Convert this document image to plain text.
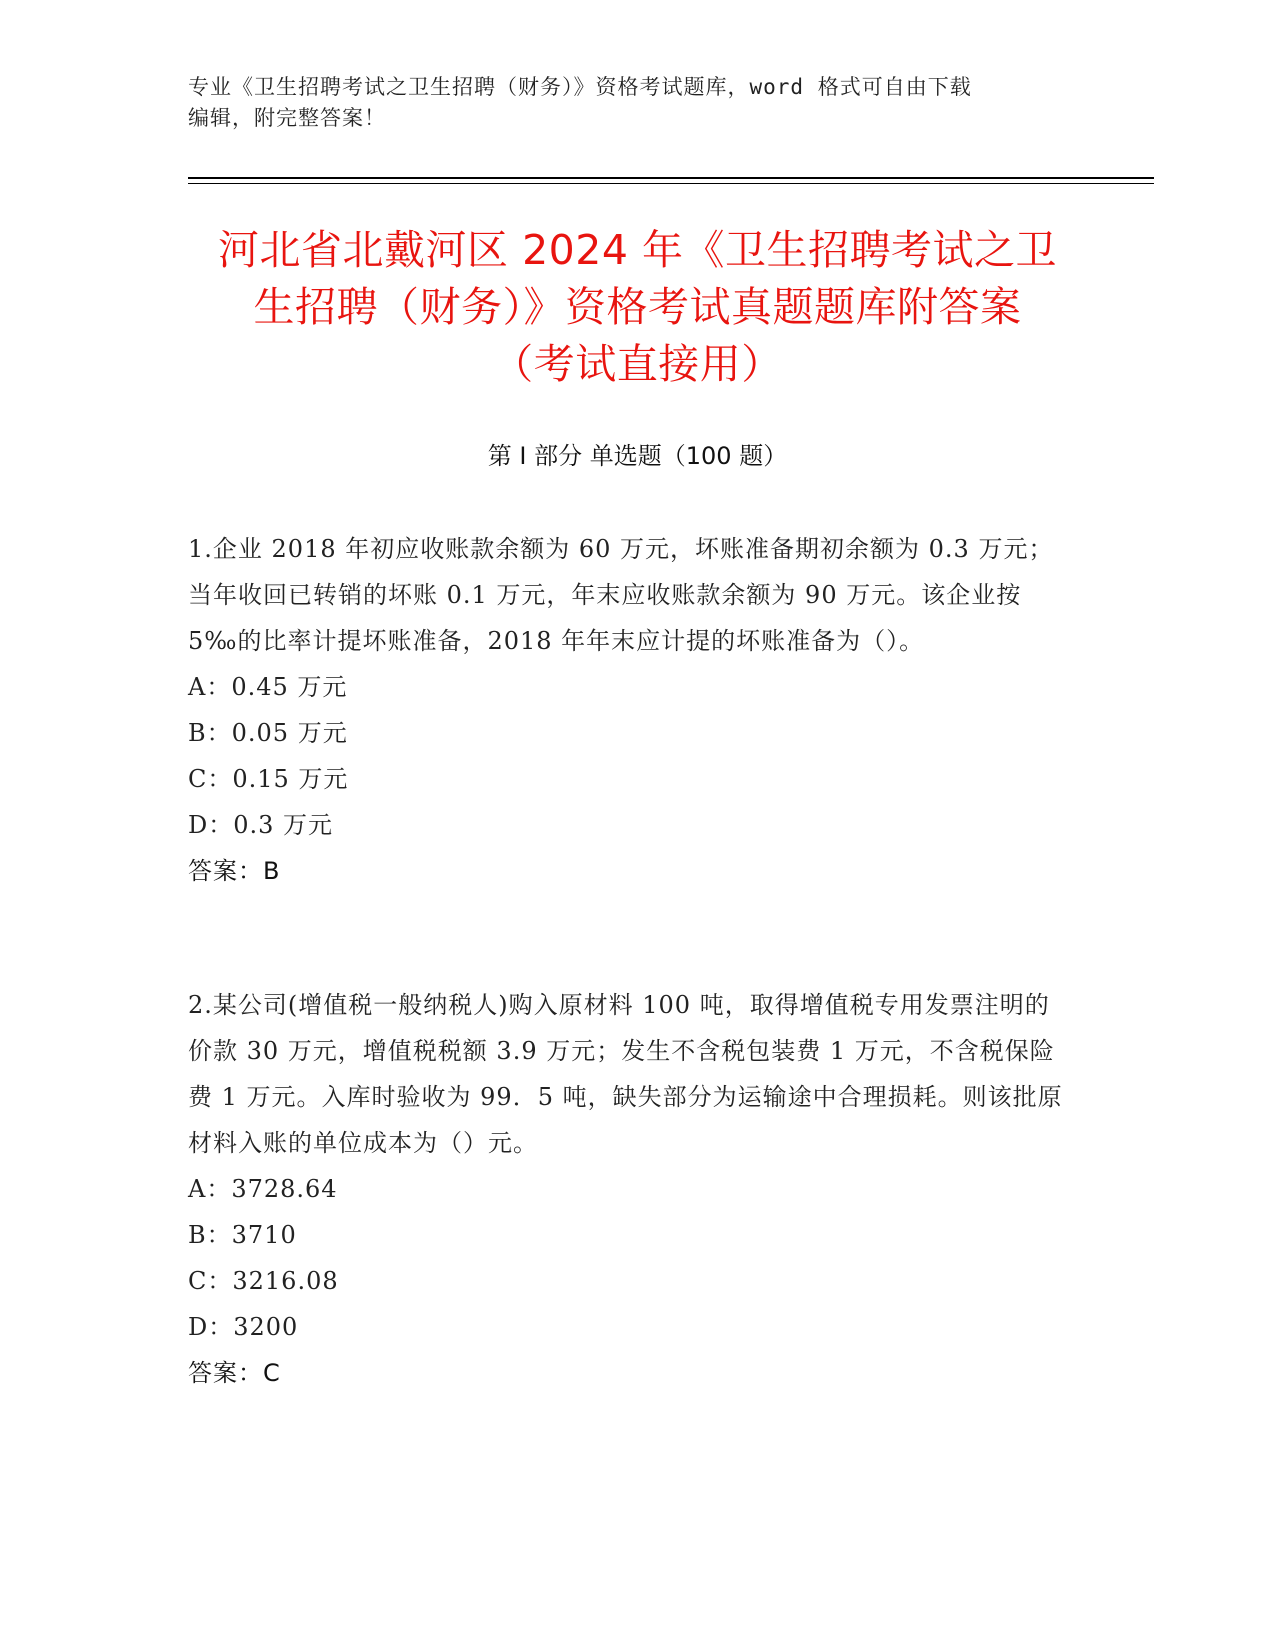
专业《卫生招聘考试之卫生招聘（财务）》资格考试题库，word 格式可自由下载
编辑，附完整答案！
河北省北戴河区 2024 年《卫生招聘考试之卫
生招聘（财务）》资格考试真题题库附答案
（考试直接用）
第 I 部分 单选题（100 题）

1.企业 2018 年初应收账款余额为 60 万元，坏账准备期初余额为 0.3 万元；当年收回已转销的坏账 0.1 万元，年末应收账款余额为 90 万元。该企业按 5‰的比率计提坏账准备，2018 年年末应计提的坏账准备为（）。

A：0.45 万元
B：0.05 万元
C：0.15 万元
D：0.3 万元
答案：B

2.某公司(增值税一般纳税人)购入原材料 100 吨，取得增值税专用发票注明的价款 30 万元，增值税税额 3.9 万元；发生不含税包装费 1 万元，不含税保险费 1 万元。入库时验收为 99．5 吨，缺失部分为运输途中合理损耗。则该批原材料入账的单位成本为（）元。

A：3728.64
B：3710
C：3216.08
D：3200
答案：C
